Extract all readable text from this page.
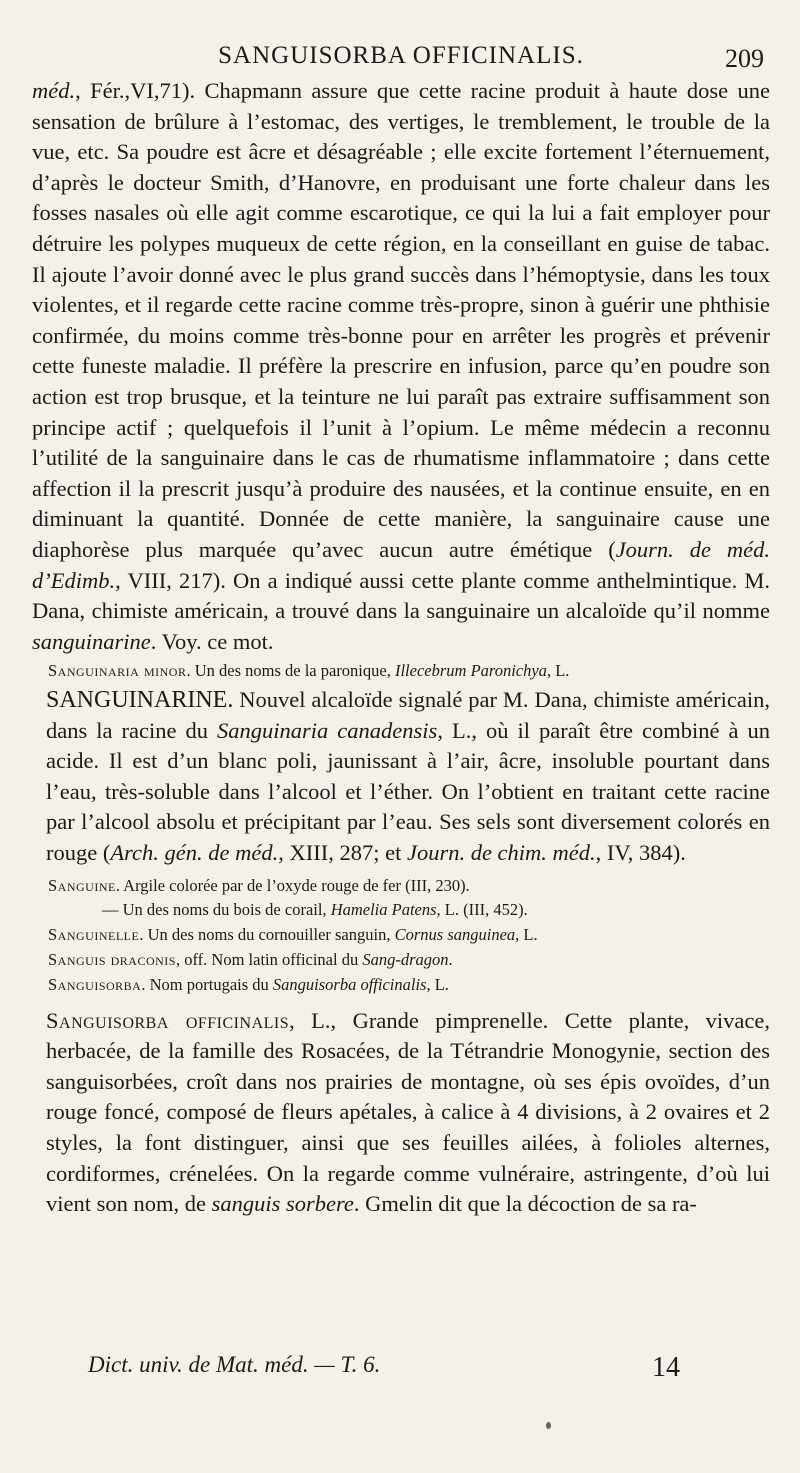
SANGUISORBA OFFICINALIS.	209

méd., Fér.,VI,71). Chapmann assure que cette racine produit à haute dose une sensation de brûlure à l’estomac, des vertiges, le tremblement, le trouble de la vue, etc. Sa poudre est âcre et désagréable ; elle excite fortement l’éternuement, d’après le docteur Smith, d’Hanovre, en produisant une forte chaleur dans les fosses nasales où elle agit comme escarotique, ce qui la lui a fait employer pour détruire les polypes muqueux de cette région, en la conseillant en guise de tabac. Il ajoute l’avoir donné avec le plus grand succès dans l’hémoptysie, dans les toux violentes, et il regarde cette racine comme très-propre, sinon à guérir une phthisie confirmée, du moins comme très-bonne pour en arrêter les progrès et prévenir cette funeste maladie. Il préfère la prescrire en infusion, parce qu’en poudre son action est trop brusque, et la teinture ne lui paraît pas extraire suffisamment son principe actif ; quelquefois il l’unit à l’opium. Le même médecin a reconnu l’utilité de la sanguinaire dans le cas de rhumatisme inflammatoire ; dans cette affection il la prescrit jusqu’à produire des nausées, et la continue ensuite, en en diminuant la quantité. Donnée de cette manière, la sanguinaire cause une diaphorèse plus marquée qu’avec aucun autre émétique (Journ. de méd. d’Edimb., VIII, 217). On a indiqué aussi cette plante comme anthelmintique. M. Dana, chimiste américain, a trouvé dans la sanguinaire un alcaloïde qu’il nomme sanguinarine. Voy. ce mot.

Sanguinaria minor. Un des noms de la paronique, Illecebrum Paronichya, L.

SANGUINARINE. Nouvel alcaloïde signalé par M. Dana, chimiste américain, dans la racine du Sanguinaria canadensis, L., où il paraît être combiné à un acide. Il est d’un blanc poli, jaunissant à l’air, âcre, insoluble pourtant dans l’eau, très-soluble dans l’alcool et l’éther. On l’obtient en traitant cette racine par l’alcool absolu et précipitant par l’eau. Ses sels sont diversement colorés en rouge (Arch. gén. de méd., XIII, 287; et Journ. de chim. méd., IV, 384).

Sanguine. Argile colorée par de l’oxyde rouge de fer (III, 230).

— Un des noms du bois de corail, Hamelia Patens, L. (III, 452).

Sanguinelle. Un des noms du cornouiller sanguin, Cornus sanguinea, L.

Sanguis draconis, off. Nom latin officinal du Sang-dragon.

Sanguisorba. Nom portugais du Sanguisorba officinalis, L.

Sanguisorba officinalis, L., Grande pimprenelle. Cette plante, vivace, herbacée, de la famille des Rosacées, de la Tétrandrie Monogynie, section des sanguisorbées, croît dans nos prairies de montagne, où ses épis ovoïdes, d’un rouge foncé, composé de fleurs apétales, à calice à 4 divisions, à 2 ovaires et 2 styles, la font distinguer, ainsi que ses feuilles ailées, à folioles alternes, cordiformes, crénelées. On la regarde comme vulnéraire, astringente, d’où lui vient son nom, de sanguis sorbere. Gmelin dit que la décoction de sa ra-

Dict. univ. de Mat. méd. — T. 6.	14
